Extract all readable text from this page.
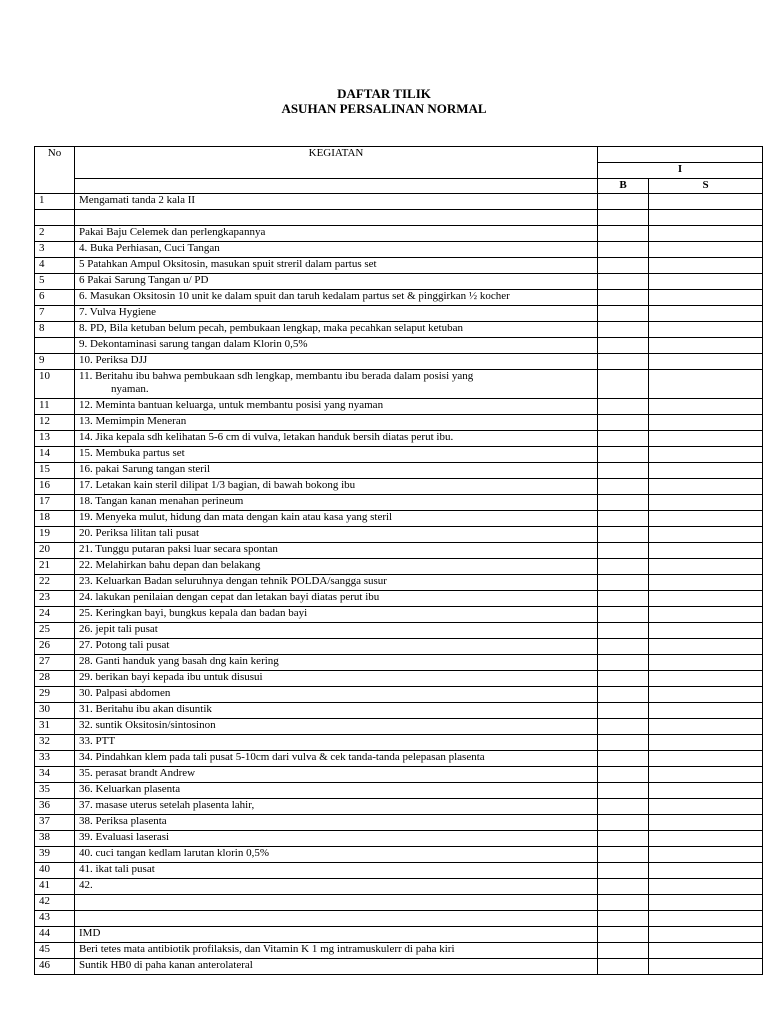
DAFTAR TILIK
ASUHAN PERSALINAN NORMAL
No	KEGIATAN		
		I	
		B	S
1	Mengamati tanda 2 kala II		

2	Pakai Baju Celemek dan perlengkapannya		
3	4. Buka Perhiasan, Cuci Tangan		
4	5 Patahkan Ampul Oksitosin, masukan spuit streril dalam partus set		
5	6 Pakai Sarung Tangan u/ PD		
6	6. Masukan Oksitosin 10 unit ke dalam spuit dan taruh kedalam partus set & pinggirkan ½ kocher		
7	7. Vulva Hygiene		
8	8. PD, Bila ketuban belum pecah, pembukaan lengkap, maka pecahkan selaput ketuban		
	9. Dekontaminasi sarung tangan dalam Klorin 0,5%		
9	10. Periksa DJJ		
10	11. Beritahu ibu bahwa pembukaan sdh lengkap, membantu ibu berada dalam posisi yang
nyaman.		

11	12. Meminta bantuan keluarga, untuk membantu posisi yang nyaman		
12	13. Memimpin Meneran		
13	14. Jika kepala sdh kelihatan 5-6 cm di vulva, letakan handuk bersih diatas perut ibu.		
14	15. Membuka partus set		
15	16. pakai Sarung tangan steril		
16	17. Letakan kain steril dilipat 1/3 bagian, di bawah bokong ibu		
17	18. Tangan kanan menahan perineum		
18	19. Menyeka mulut, hidung dan mata dengan kain atau kasa yang steril		
19	20. Periksa lilitan tali pusat		
20	21. Tunggu putaran paksi luar secara spontan		
21	22. Melahirkan bahu depan dan belakang		
22	23. Keluarkan Badan seluruhnya dengan tehnik POLDA/sangga susur		
23	24. lakukan penilaian dengan cepat dan letakan bayi diatas perut ibu		
24	25. Keringkan bayi, bungkus kepala dan badan bayi		
25	26. jepit tali pusat		
26	27. Potong tali pusat		
27	28. Ganti handuk yang basah dng kain kering		
28	29. berikan bayi kepada ibu untuk disusui		
29	30. Palpasi abdomen		
30	31. Beritahu ibu akan disuntik		
31	32. suntik Oksitosin/sintosinon		
32	33. PTT		
33	34. Pindahkan klem pada tali pusat 5-10cm dari vulva & cek tanda-tanda pelepasan plasenta		
34	35. perasat brandt Andrew		
35	36. Keluarkan plasenta		
36	37. masase uterus setelah plasenta lahir,		
37	38. Periksa plasenta		
38	39. Evaluasi laserasi		
39	40. cuci tangan kedlam larutan klorin 0,5%		
40	41. ikat tali pusat		
41	42.		
42			
43			
44	IMD		
45	Beri tetes mata antibiotik profilaksis, dan Vitamin K 1 mg intramuskulerr di paha kiri		
46	Suntik HB0 di paha kanan anterolateral		
